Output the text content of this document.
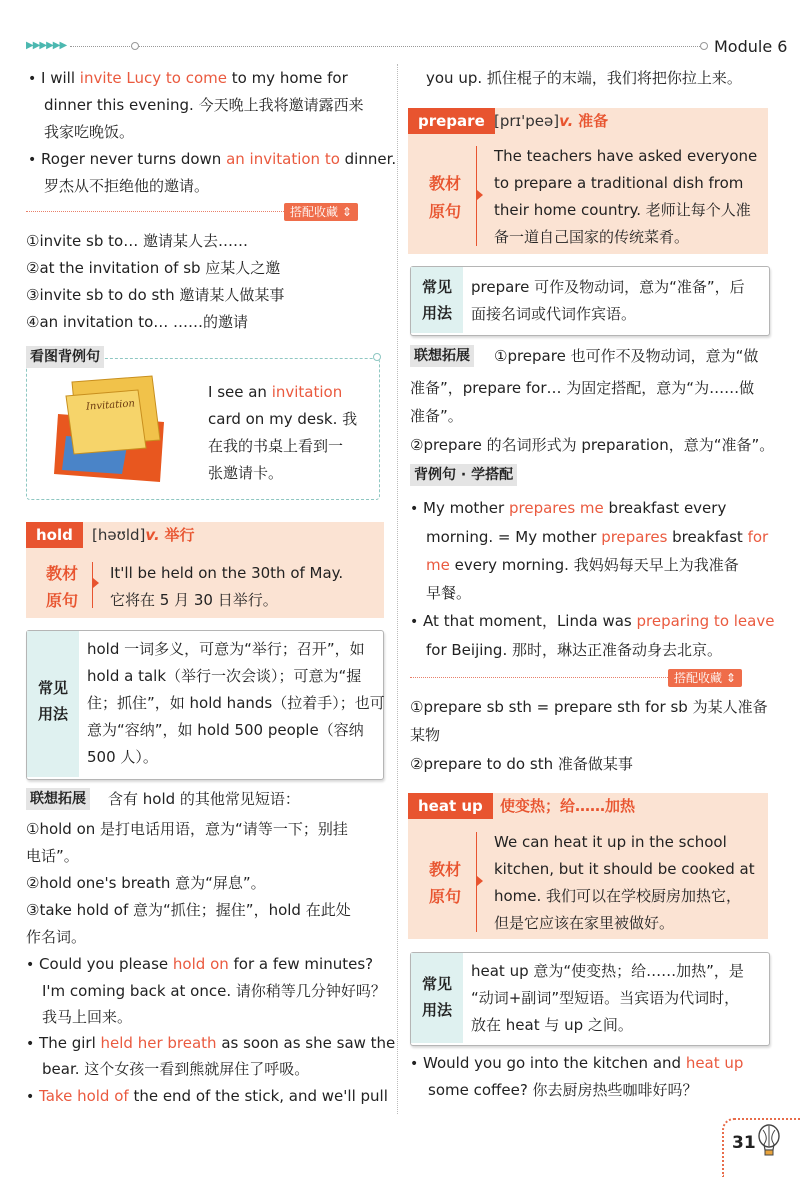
▶▶▶▶▶▶	Module 6
• I will invite Lucy to come to my home for
dinner this evening. 今天晚上我将邀请露西来
我家吃晚饭。
• Roger never turns down an invitation to dinner.
罗杰从不拒绝他的邀请。
搭配收藏 ⇕
①invite sb to… 邀请某人去……
②at the invitation of sb 应某人之邀
③invite sb to do sth 邀请某人做某事
④an invitation to… ……的邀请
看图背例句
Invitation
I see an invitation
card on my desk. 我
在我的书桌上看到一
张邀请卡。
hold	[həʊld]v. 举行
教材
原句
It'll be held on the 30th of May.
它将在 5 月 30 日举行。
常见
用法
hold 一词多义，可意为“举行；召开”，如
hold a talk（举行一次会谈）；可意为“握
住；抓住”，如 hold hands（拉着手）；也可
意为“容纳”，如 hold 500 people（容纳
500 人）。
联想拓展 含有 hold 的其他常见短语：
①hold on 是打电话用语，意为“请等一下；别挂
电话”。
②hold one's breath 意为“屏息”。
③take hold of 意为“抓住；握住”，hold 在此处
作名词。
• Could you please hold on for a few minutes?
I'm coming back at once. 请你稍等几分钟好吗？
我马上回来。
• The girl held her breath as soon as she saw the
bear. 这个女孩一看到熊就屏住了呼吸。
• Take hold of the end of the stick, and we'll pull
you up. 抓住棍子的末端，我们将把你拉上来。
prepare [prɪ'peə]v. 准备
教材
原句
The teachers have asked everyone
to prepare a traditional dish from
their home country. 老师让每个人准
备一道自己国家的传统菜肴。
常见
用法
prepare 可作及物动词，意为“准备”，后
面接名词或代词作宾语。
联想拓展 ①prepare 也可作不及物动词，意为“做
准备”，prepare for… 为固定搭配，意为“为……做
准备”。
②prepare 的名词形式为 preparation，意为“准备”。
背例句 · 学搭配
• My mother prepares me breakfast every
morning. = My mother prepares breakfast for
me every morning. 我妈妈每天早上为我准备
早餐。
• At that moment，Linda was preparing to leave
for Beijing. 那时，琳达正准备动身去北京。
搭配收藏 ⇕
①prepare sb sth = prepare sth for sb 为某人准备
某物
②prepare to do sth 准备做某事
heat up	使变热；给……加热
教材
原句
We can heat it up in the school
kitchen, but it should be cooked at
home. 我们可以在学校厨房加热它，
但是它应该在家里被做好。
常见
用法
heat up 意为“使变热；给……加热”，是
“动词+副词”型短语。当宾语为代词时，
放在 heat 与 up 之间。
• Would you go into the kitchen and heat up
some coffee? 你去厨房热些咖啡好吗？
31
